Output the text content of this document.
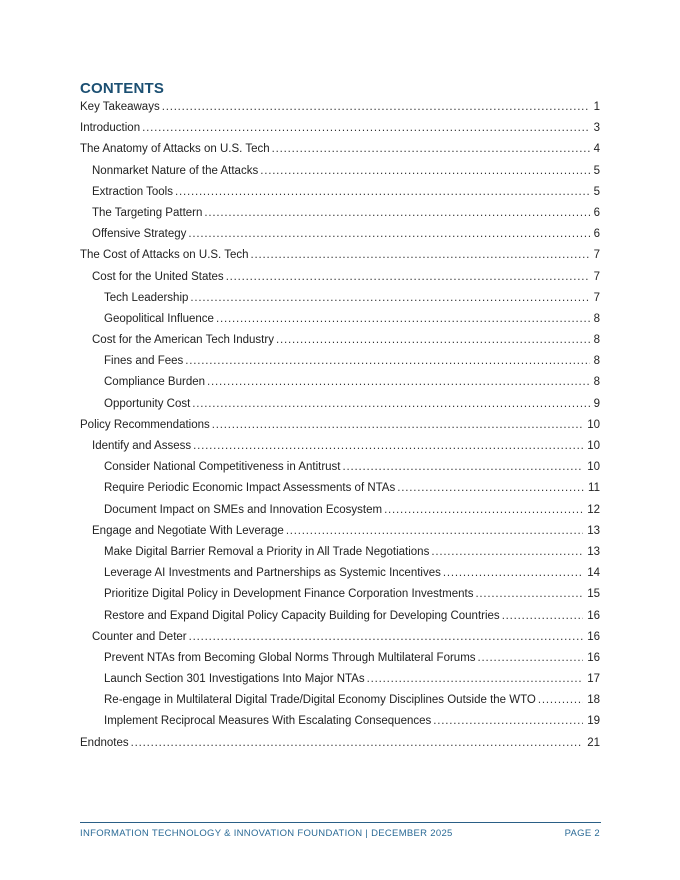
CONTENTS
Key Takeaways .....	1
Introduction .....	3
The Anatomy of Attacks on U.S. Tech .....	4
Nonmarket Nature of the Attacks .....	5
Extraction Tools .....	5
The Targeting Pattern .....	6
Offensive Strategy .....	6
The Cost of Attacks on U.S. Tech .....	7
Cost for the United States .....	7
Tech Leadership .....	7
Geopolitical Influence .....	8
Cost for the American Tech Industry .....	8
Fines and Fees .....	8
Compliance Burden .....	8
Opportunity Cost .....	9
Policy Recommendations .....	10
Identify and Assess .....	10
Consider National Competitiveness in Antitrust .....	10
Require Periodic Economic Impact Assessments of NTAs .....	11
Document Impact on SMEs and Innovation Ecosystem .....	12
Engage and Negotiate With Leverage .....	13
Make Digital Barrier Removal a Priority in All Trade Negotiations .....	13
Leverage AI Investments and Partnerships as Systemic Incentives .....	14
Prioritize Digital Policy in Development Finance Corporation Investments .....	15
Restore and Expand Digital Policy Capacity Building for Developing Countries .....	16
Counter and Deter .....	16
Prevent NTAs from Becoming Global Norms Through Multilateral Forums .....	16
Launch Section 301 Investigations Into Major NTAs .....	17
Re-engage in Multilateral Digital Trade/Digital Economy Disciplines Outside the WTO .....	18
Implement Reciprocal Measures With Escalating Consequences .....	19
Endnotes .....	21
INFORMATION TECHNOLOGY & INNOVATION FOUNDATION | DECEMBER 2025	PAGE 2
